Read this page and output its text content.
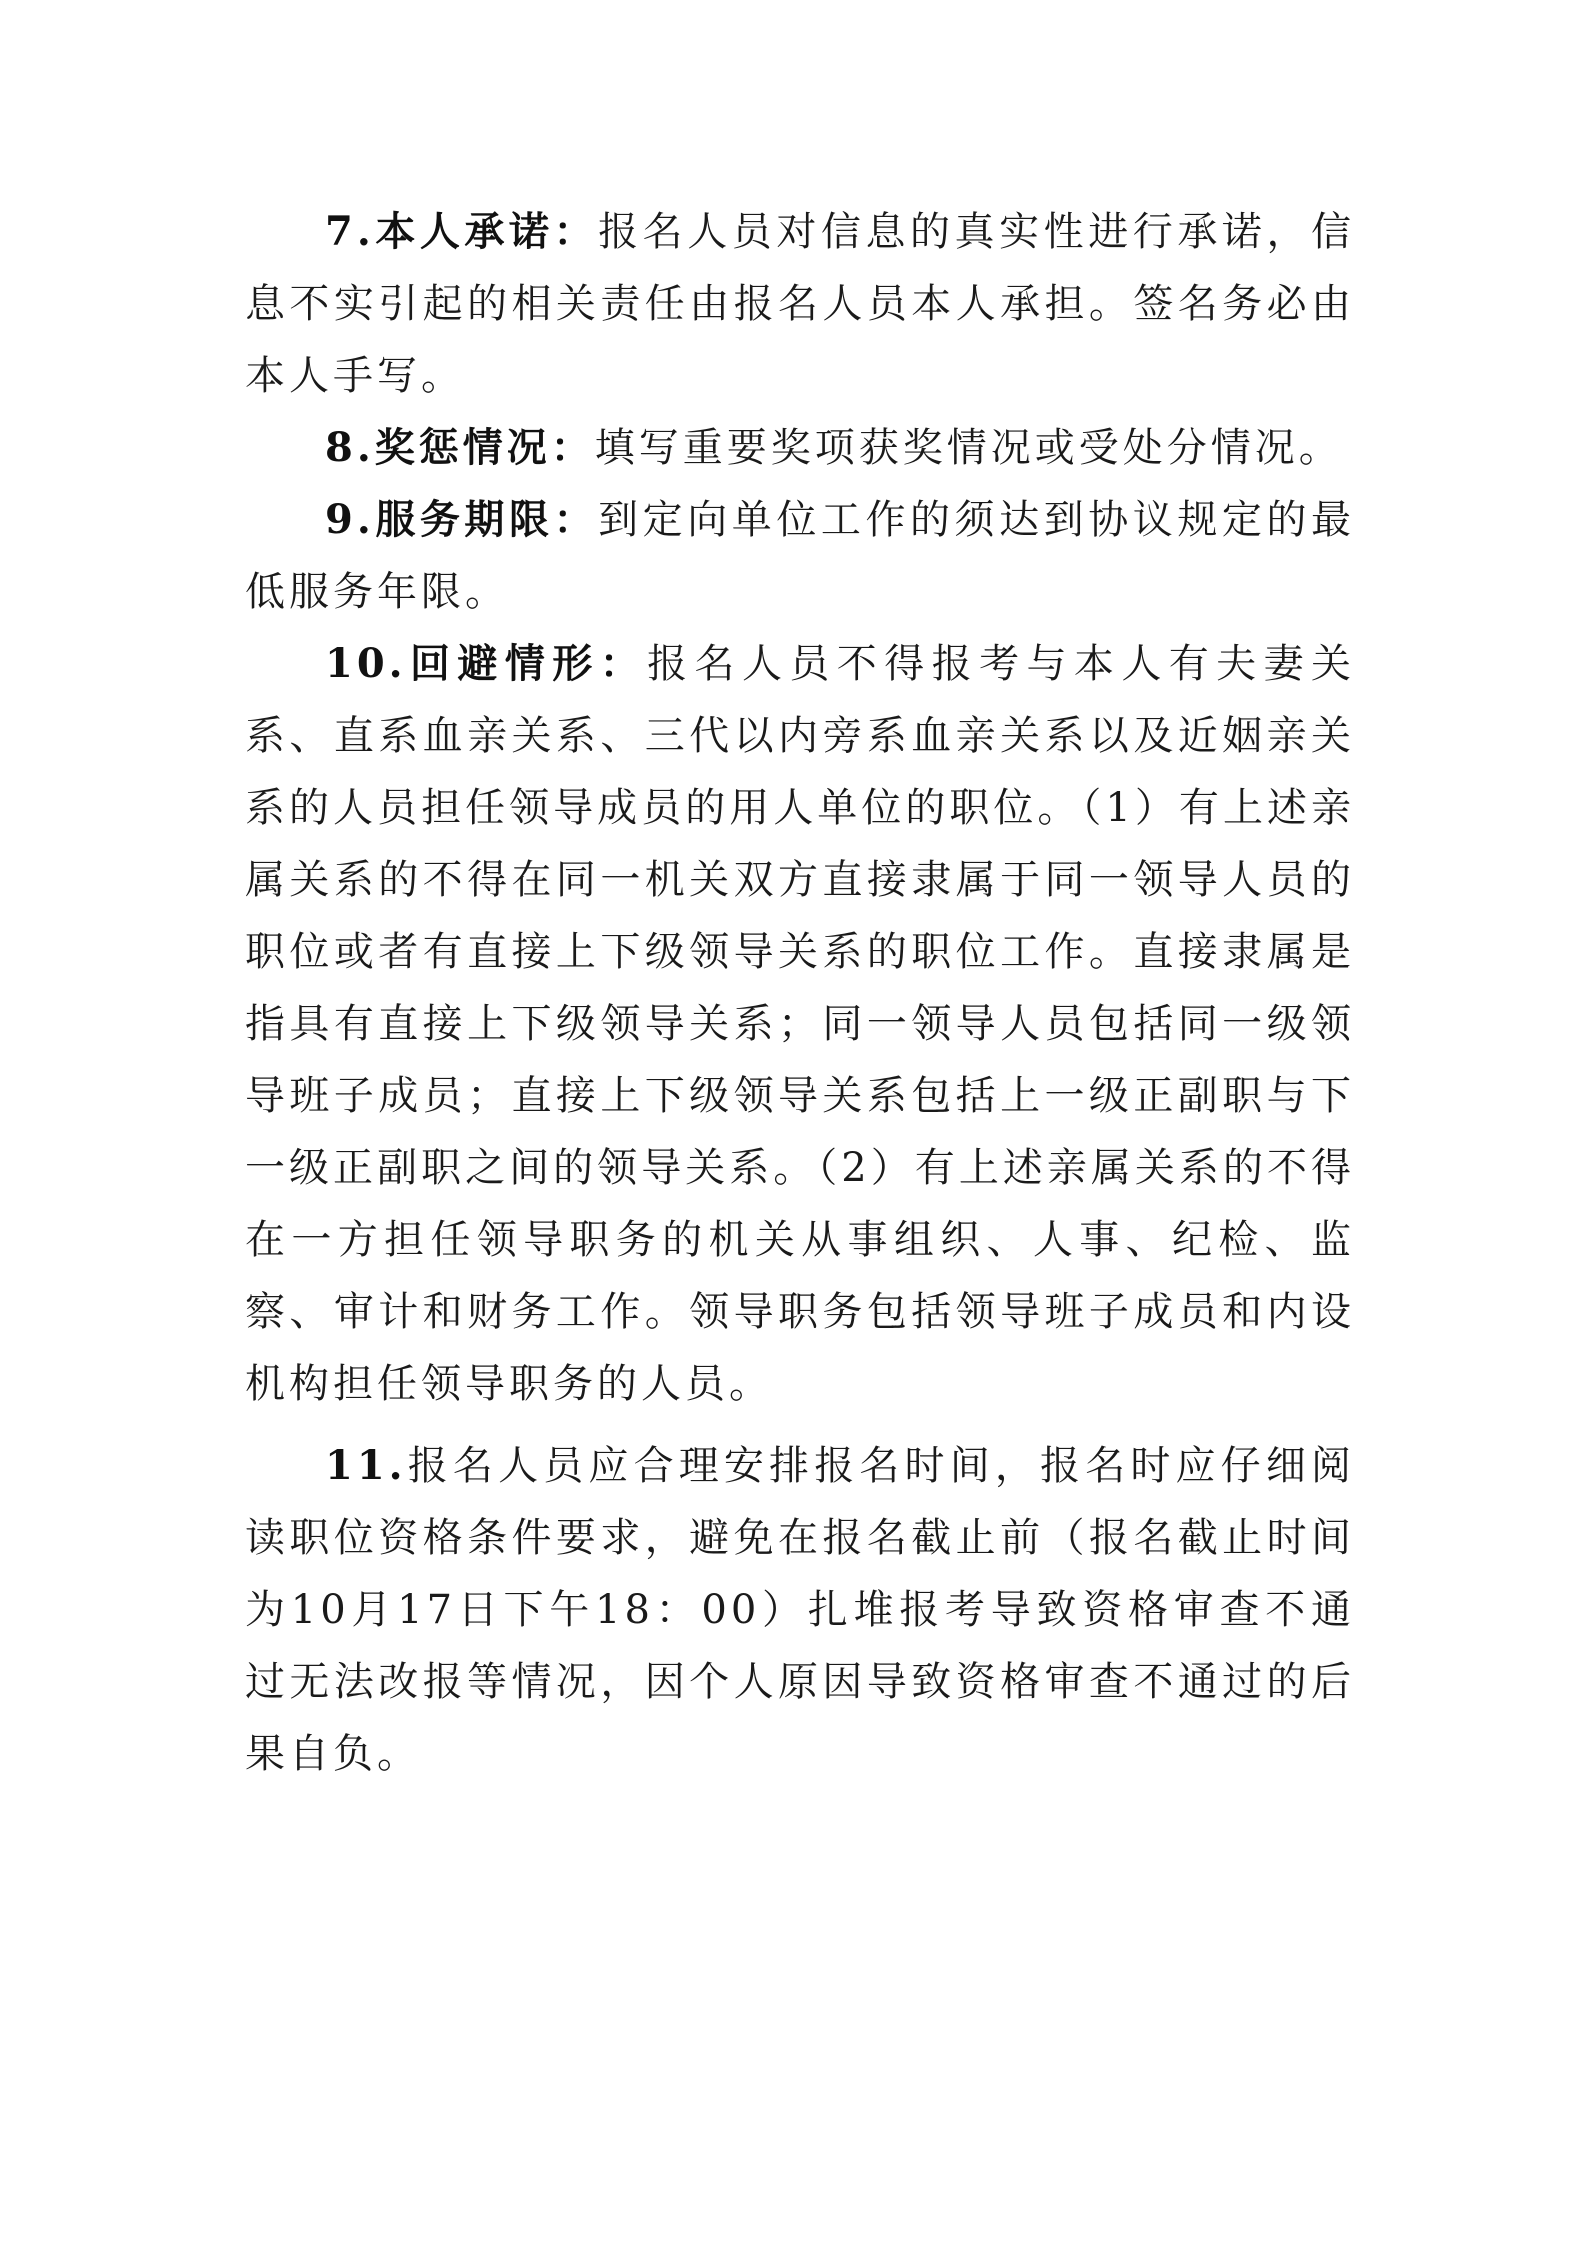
7.本人承诺：报名人员对信息的真实性进行承诺，信息不实引起的相关责任由报名人员本人承担。签名务必由本人手写。

8.奖惩情况：填写重要奖项获奖情况或受处分情况。

9.服务期限：到定向单位工作的须达到协议规定的最低服务年限。

10.回避情形：报名人员不得报考与本人有夫妻关系、直系血亲关系、三代以内旁系血亲关系以及近姻亲关系的人员担任领导成员的用人单位的职位。（1）有上述亲属关系的不得在同一机关双方直接隶属于同一领导人员的职位或者有直接上下级领导关系的职位工作。直接隶属是指具有直接上下级领导关系；同一领导人员包括同一级领导班子成员；直接上下级领导关系包括上一级正副职与下一级正副职之间的领导关系。（2）有上述亲属关系的不得在一方担任领导职务的机关从事组织、人事、纪检、监察、审计和财务工作。领导职务包括领导班子成员和内设机构担任领导职务的人员。

11.报名人员应合理安排报名时间，报名时应仔细阅读职位资格条件要求，避免在报名截止前（报名截止时间为10月17日下午18：00）扎堆报考导致资格审查不通过无法改报等情况，因个人原因导致资格审查不通过的后果自负。
